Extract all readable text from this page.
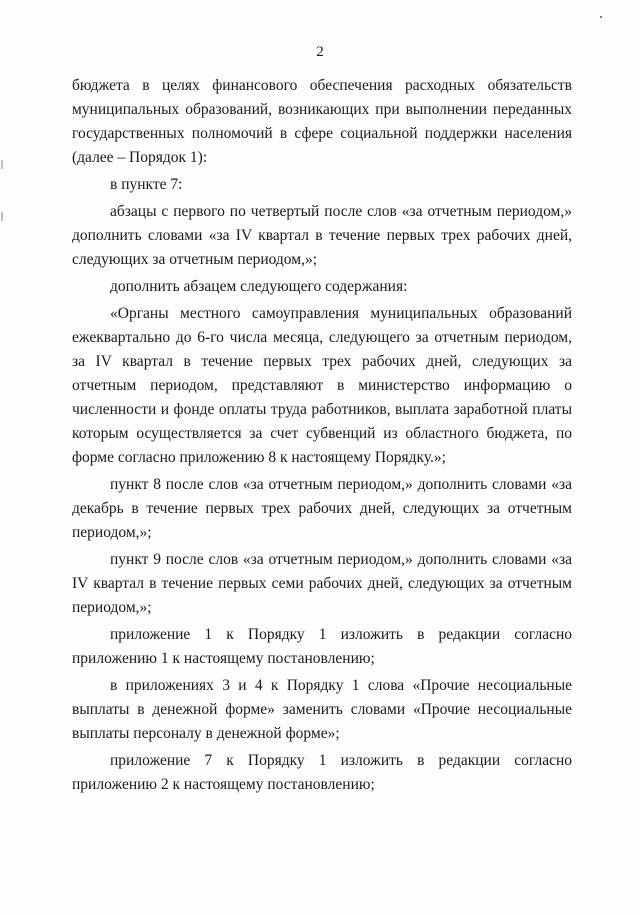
2

бюджета в целях финансового обеспечения расходных обязательств муниципальных образований, возникающих при выполнении переданных государственных полномочий в сфере социальной поддержки населения (далее – Порядок 1):

в пункте 7:

абзацы с первого по четвертый после слов «за отчетным периодом,» дополнить словами «за IV квартал в течение первых трех рабочих дней, следующих за отчетным периодом,»;

дополнить абзацем следующего содержания:

«Органы местного самоуправления муниципальных образований ежеквартально до 6-го числа месяца, следующего за отчетным периодом, за IV квартал в течение первых трех рабочих дней, следующих за отчетным периодом, представляют в министерство информацию о численности и фонде оплаты труда работников, выплата заработной платы которым осуществляется за счет субвенций из областного бюджета, по форме согласно приложению 8 к настоящему Порядку.»;

пункт 8 после слов «за отчетным периодом,» дополнить словами «за декабрь в течение первых трех рабочих дней, следующих за отчетным периодом,»;

пункт 9 после слов «за отчетным периодом,» дополнить словами «за IV квартал в течение первых семи рабочих дней, следующих за отчетным периодом,»;

приложение 1 к Порядку 1 изложить в редакции согласно приложению 1 к настоящему постановлению;

в приложениях 3 и 4 к Порядку 1 слова «Прочие несоциальные выплаты в денежной форме» заменить словами «Прочие несоциальные выплаты персоналу в денежной форме»;

приложение 7 к Порядку 1 изложить в редакции согласно приложению 2 к настоящему постановлению;
